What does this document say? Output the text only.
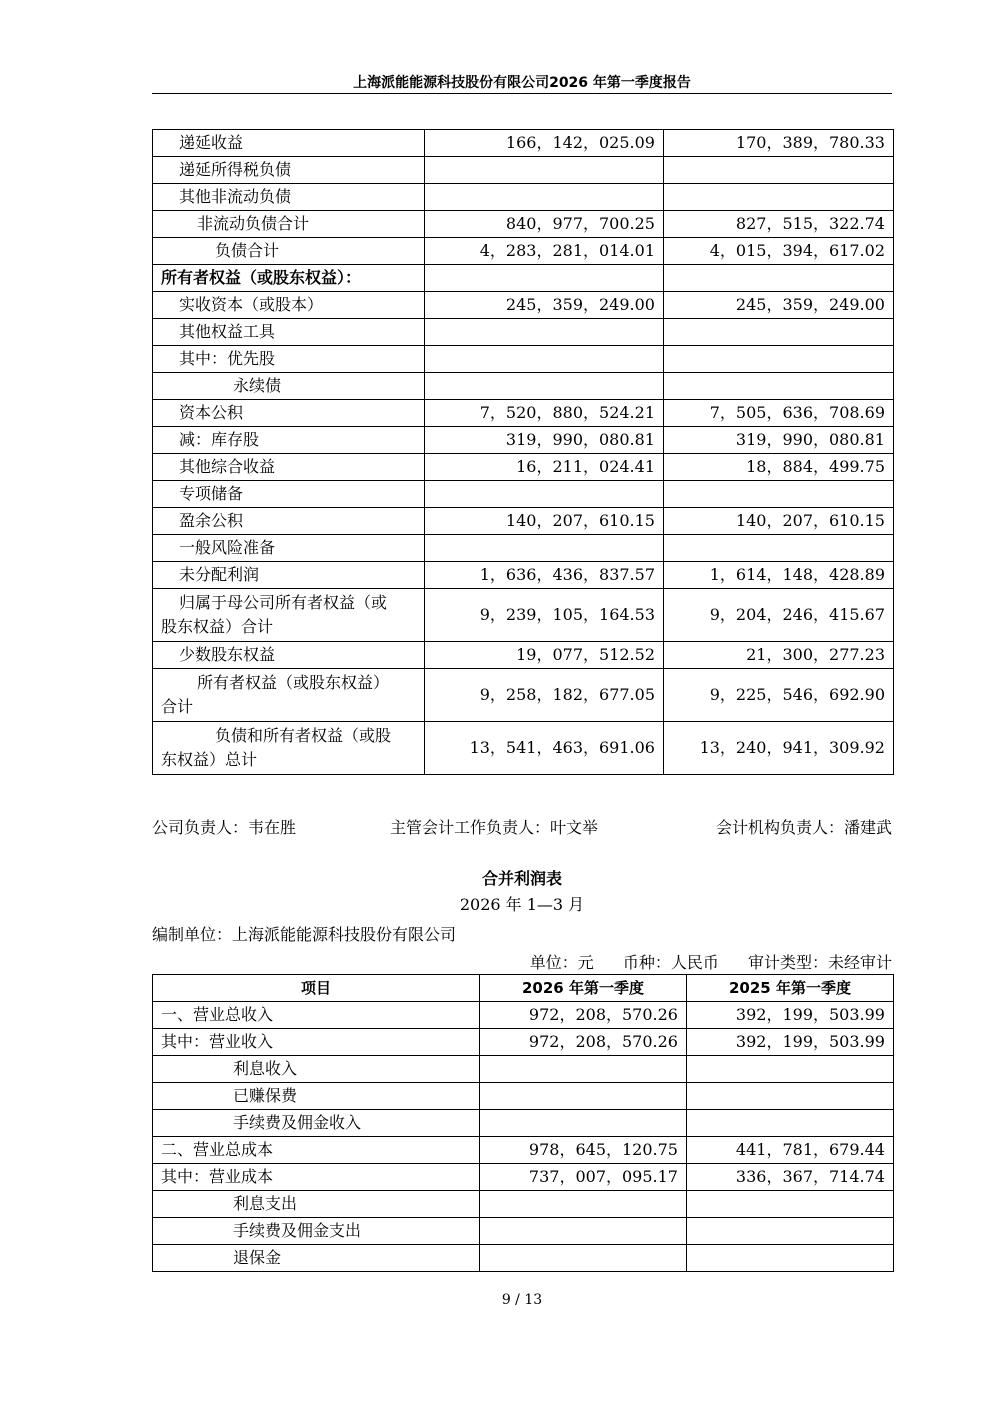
上海派能能源科技股份有限公司2026 年第一季度报告
递延收益	166，142，025.09	170，389，780.33
递延所得税负债		
其他非流动负债		
非流动负债合计	840，977，700.25	827，515，322.74
负债合计	4，283，281，014.01	4，015，394，617.02
所有者权益（或股东权益）：		
实收资本（或股本）	245，359，249.00	245，359，249.00
其他权益工具		
其中：优先股		
永续债		
资本公积	7，520，880，524.21	7，505，636，708.69
减：库存股	319，990，080.81	319，990，080.81
其他综合收益	16，211，024.41	18，884，499.75
专项储备		
盈余公积	140，207，610.15	140，207，610.15
一般风险准备		
未分配利润	1，636，436，837.57	1，614，148，428.89

归属于母公司所有者权益（或
股东权益）合计	9，239，105，164.53	9，204，246，415.67
少数股东权益	19，077，512.52	21，300，277.23

所有者权益（或股东权益）
合计	9，258，182，677.05	9，225，546，692.90

负债和所有者权益（或股
东权益）总计	13，541，463，691.06	13，240，941，309.92
公司负责人：韦在胜	主管会计工作负责人：叶文举	会计机构负责人：潘建武
合并利润表
2026 年 1—3 月
编制单位：上海派能能源科技股份有限公司
单位：元 币种：人民币 审计类型：未经审计
项目	2026 年第一季度	2025 年第一季度
一、营业总收入	972，208，570.26	392，199，503.99
其中：营业收入	972，208，570.26	392，199，503.99
利息收入		
已赚保费		
手续费及佣金收入		
二、营业总成本	978，645，120.75	441，781，679.44
其中：营业成本	737，007，095.17	336，367，714.74
利息支出		
手续费及佣金支出		
退保金		
9 / 13
